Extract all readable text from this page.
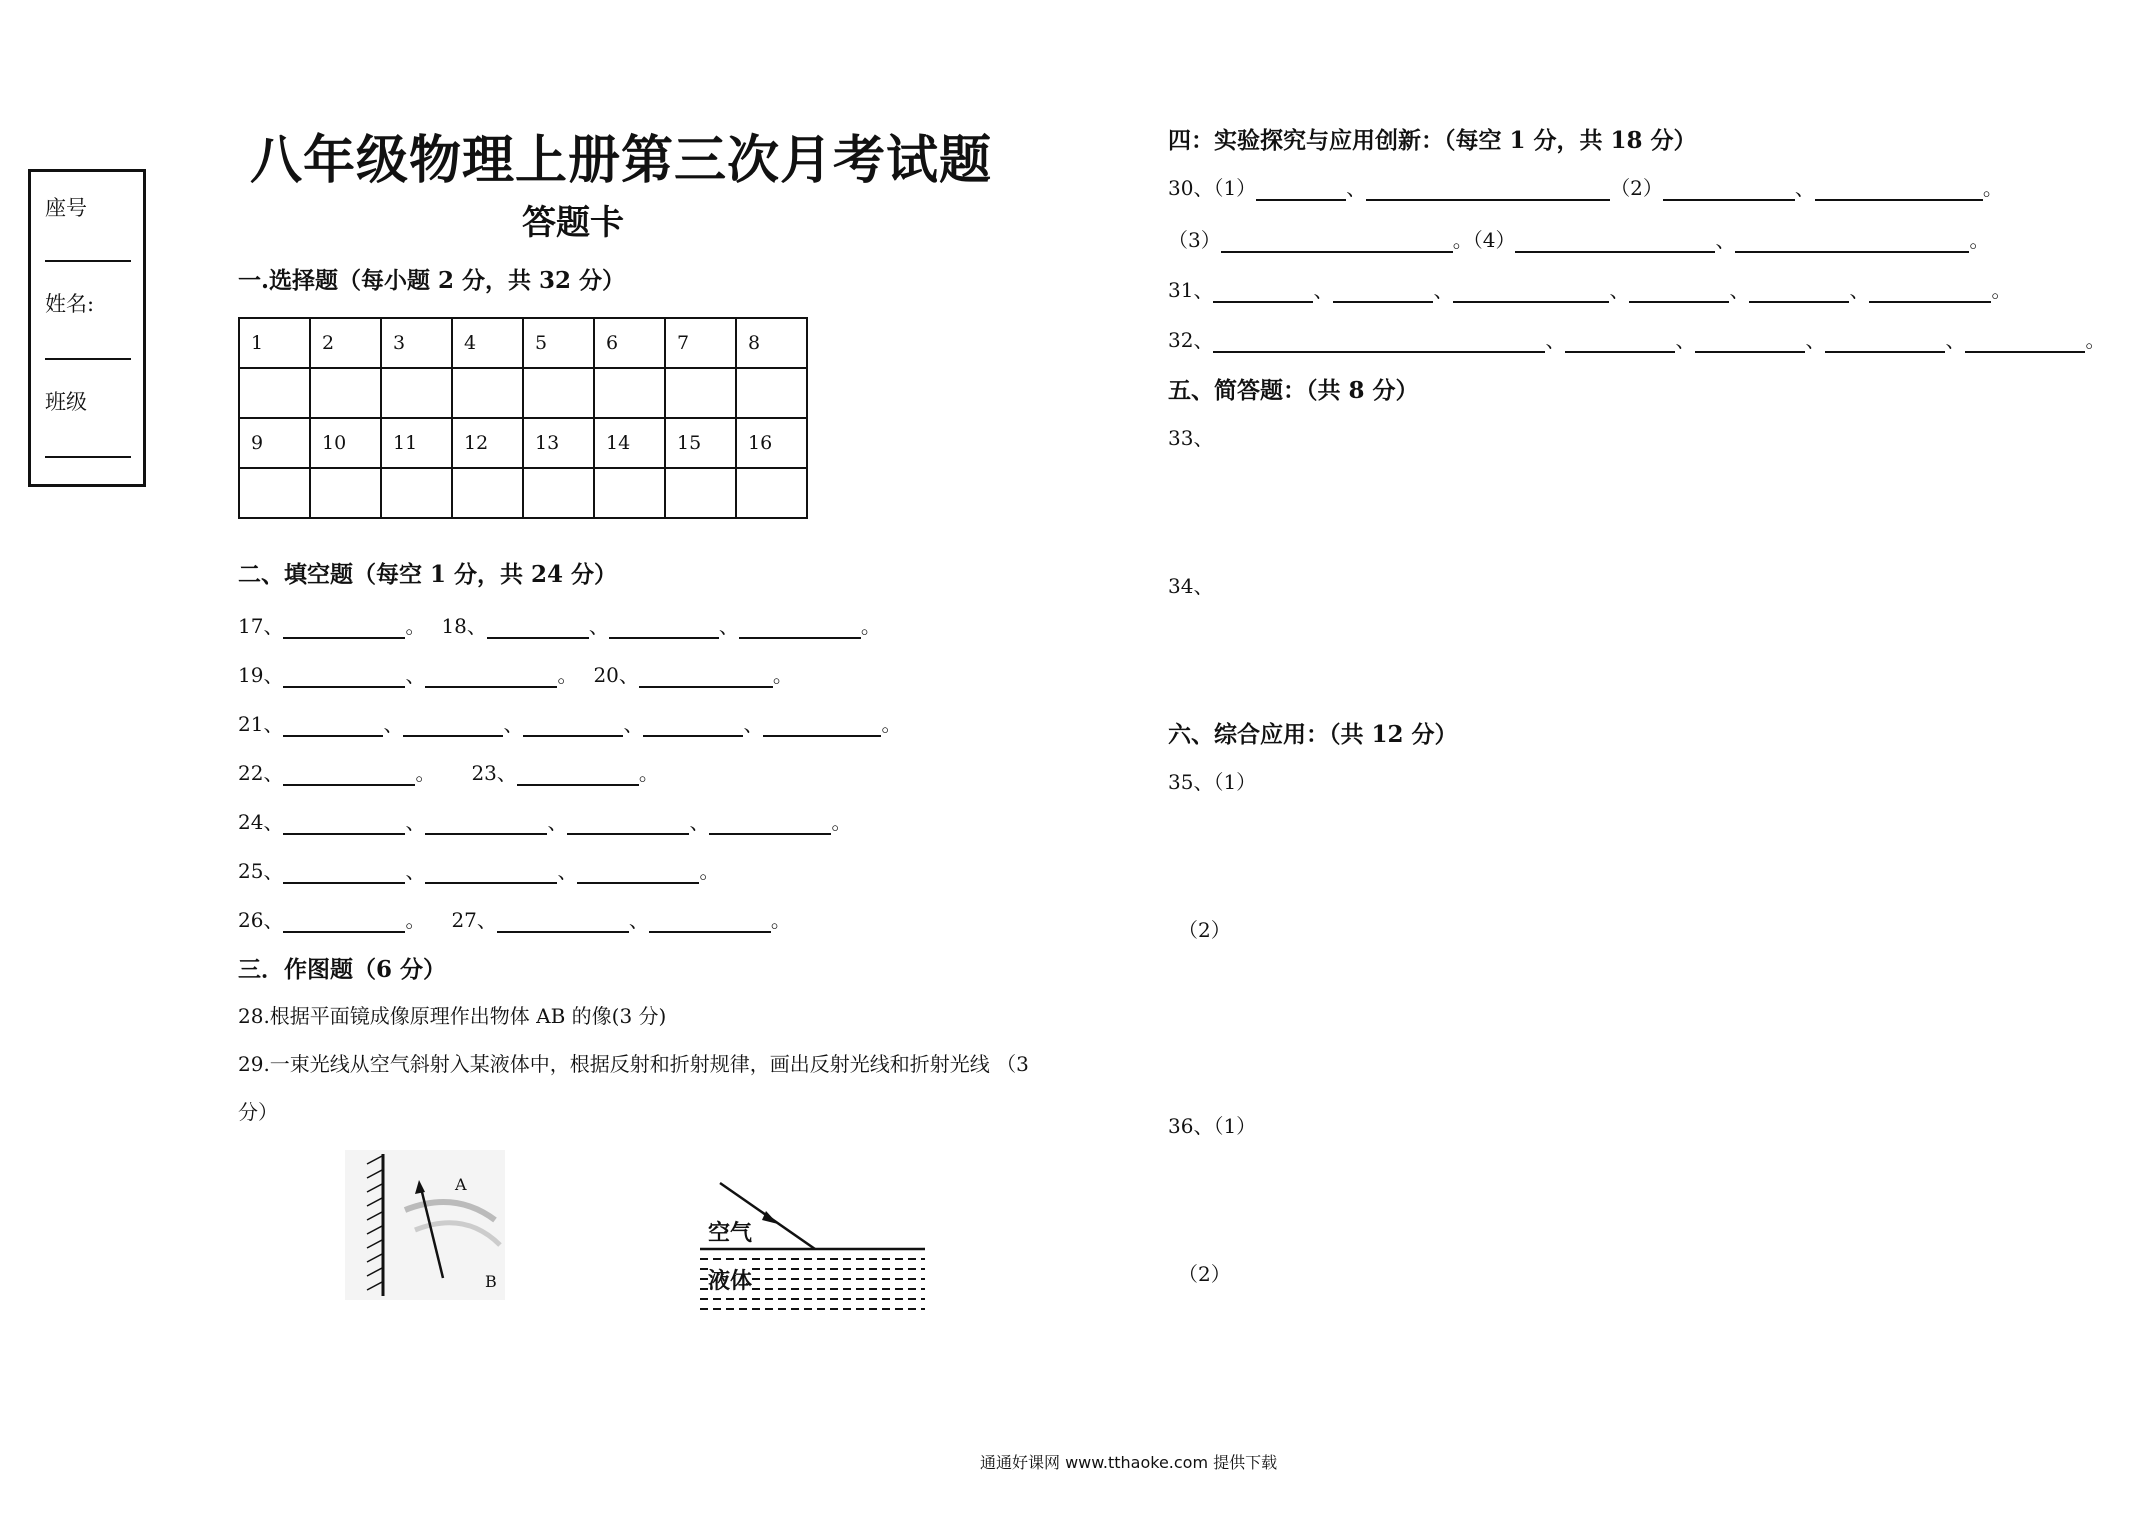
座号
姓名:
班级
八年级物理上册第三次月考试题
答题卡
一.选择题（每小题 2 分，共 32 分）
1	2	3	4	5	6	7	8

9	10	11	12	13	14	15	16

二、填空题（每空 1 分，共 24 分）
17、	。 18、	、	、	。
19、	、	。 20、	。
21、	、	、	、	、	。
22、	。 23、	。
24、	、	、	、	。
25、	、	、	。
26、	。 27、	、	。
三．作图题（6 分）
28.根据平面镜成像原理作出物体 AB 的像(3 分)
29.一束光线从空气斜射入某液体中，根据反射和折射规律，画出反射光线和折射光线 （3
分）
A
B
空气
液体
四：实验探究与应用创新：（每空 1 分，共 18 分）
30、（1）	、	（2）	、	。
（3）	。（4）	、	。
31、	、	、	、	、	、	。
32、	、	、	、	、	。
五、简答题：（共 8 分）
33、
34、
六、综合应用：（共 12 分）
35、（1）
（2）
36、（1）
（2）
通通好课网 www.tthaoke.com 提供下载
